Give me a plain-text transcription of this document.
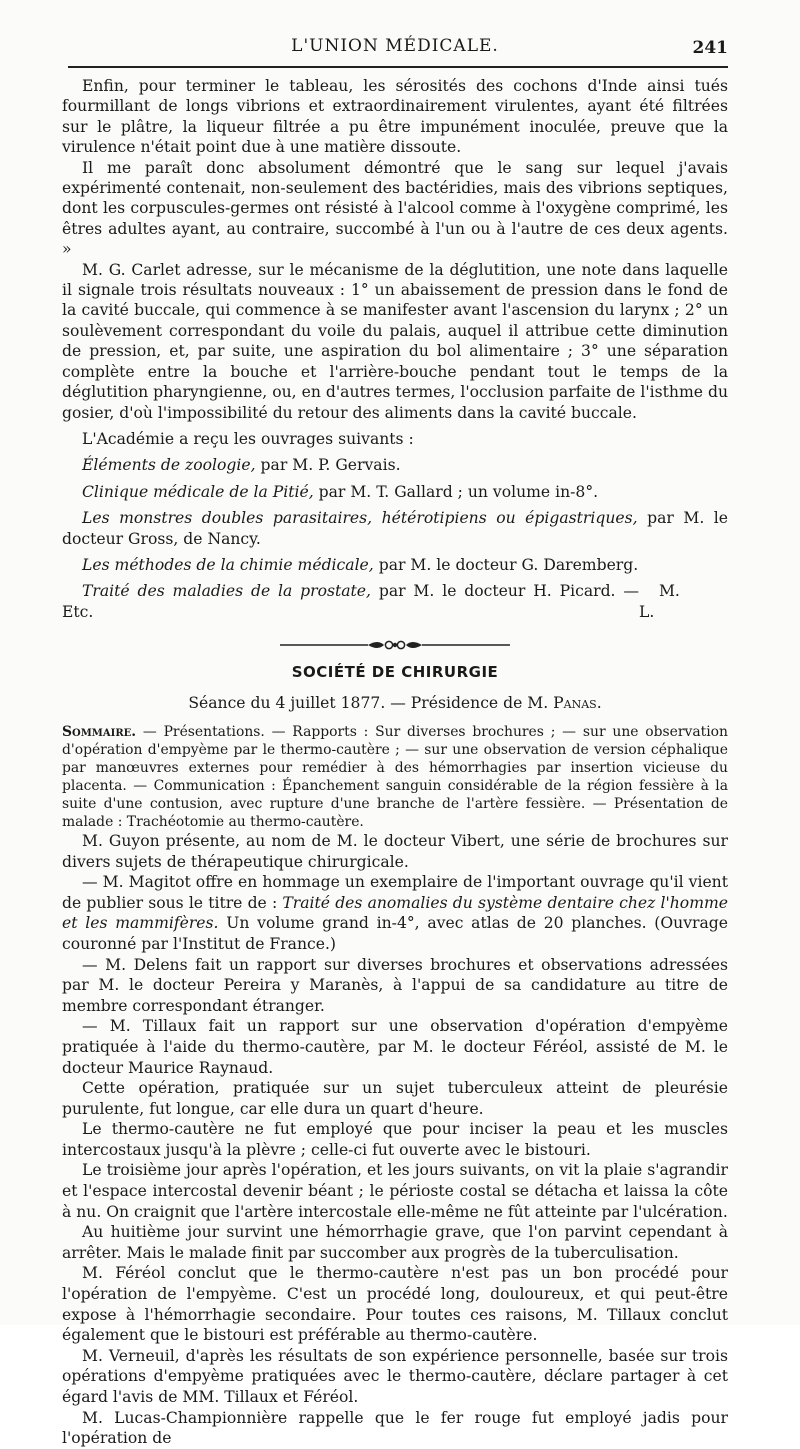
L'UNION MÉDICALE.	241

Enfin, pour terminer le tableau, les sérosités des cochons d'Inde ainsi tués fourmillant de longs vibrions et extraordinairement virulentes, ayant été filtrées sur le plâtre, la liqueur filtrée a pu être impunément inoculée, preuve que la virulence n'était point due à une matière dissoute.

Il me paraît donc absolument démontré que le sang sur lequel j'avais expérimenté contenait, non-seulement des bactéridies, mais des vibrions septiques, dont les corpuscules-germes ont résisté à l'alcool comme à l'oxygène comprimé, les êtres adultes ayant, au contraire, succombé à l'un ou à l'autre de ces deux agents. »

M. G. Carlet adresse, sur le mécanisme de la déglutition, une note dans laquelle il signale trois résultats nouveaux : 1° un abaissement de pression dans le fond de la cavité buccale, qui commence à se manifester avant l'ascension du larynx ; 2° un soulèvement correspondant du voile du palais, auquel il attribue cette diminution de pression, et, par suite, une aspiration du bol alimentaire ; 3° une séparation complète entre la bouche et l'arrière-bouche pendant tout le temps de la déglutition pharyngienne, ou, en d'autres termes, l'occlusion parfaite de l'isthme du gosier, d'où l'impossibilité du retour des aliments dans la cavité buccale.

L'Académie a reçu les ouvrages suivants :

Éléments de zoologie, par M. P. Gervais.

Clinique médicale de la Pitié, par M. T. Gallard ; un volume in-8°.

Les monstres doubles parasitaires, hétérotipiens ou épigastriques, par M. le docteur Gross, de Nancy.

Les méthodes de la chimie médicale, par M. le docteur G. Daremberg.

Traité des maladies de la prostate, par M. le docteur H. Picard. — Etc.
M. L.

SOCIÉTÉ DE CHIRURGIE
Séance du 4 juillet 1877. — Présidence de M. Panas.

Sommaire. — Présentations. — Rapports : Sur diverses brochures ; — sur une observation d'opération d'empyème par le thermo-cautère ; — sur une observation de version céphalique par manœuvres externes pour remédier à des hémorrhagies par insertion vicieuse du placenta. — Communication : Épanchement sanguin considérable de la région fessière à la suite d'une contusion, avec rupture d'une branche de l'artère fessière. — Présentation de malade : Trachéotomie au thermo-cautère.

M. Guyon présente, au nom de M. le docteur Vibert, une série de brochures sur divers sujets de thérapeutique chirurgicale.

— M. Magitot offre en hommage un exemplaire de l'important ouvrage qu'il vient de publier sous le titre de : Traité des anomalies du système dentaire chez l'homme et les mammifères. Un volume grand in-4°, avec atlas de 20 planches. (Ouvrage couronné par l'Institut de France.)

— M. Delens fait un rapport sur diverses brochures et observations adressées par M. le docteur Pereira y Maranès, à l'appui de sa candidature au titre de membre correspondant étranger.

— M. Tillaux fait un rapport sur une observation d'opération d'empyème pratiquée à l'aide du thermo-cautère, par M. le docteur Féréol, assisté de M. le docteur Maurice Raynaud.

Cette opération, pratiquée sur un sujet tuberculeux atteint de pleurésie purulente, fut longue, car elle dura un quart d'heure.

Le thermo-cautère ne fut employé que pour inciser la peau et les muscles intercostaux jusqu'à la plèvre ; celle-ci fut ouverte avec le bistouri.

Le troisième jour après l'opération, et les jours suivants, on vit la plaie s'agrandir et l'espace intercostal devenir béant ; le périoste costal se détacha et laissa la côte à nu. On craignit que l'artère intercostale elle-même ne fût atteinte par l'ulcération.

Au huitième jour survint une hémorrhagie grave, que l'on parvint cependant à arrêter. Mais le malade finit par succomber aux progrès de la tuberculisation.

M. Féréol conclut que le thermo-cautère n'est pas un bon procédé pour l'opération de l'empyème. C'est un procédé long, douloureux, et qui peut-être expose à l'hémorrhagie secondaire. Pour toutes ces raisons, M. Tillaux conclut également que le bistouri est préférable au thermo-cautère.

M. Verneuil, d'après les résultats de son expérience personnelle, basée sur trois opérations d'empyème pratiquées avec le thermo-cautère, déclare partager à cet égard l'avis de MM. Tillaux et Féréol.

M. Lucas-Championnière rappelle que le fer rouge fut employé jadis pour l'opération de
